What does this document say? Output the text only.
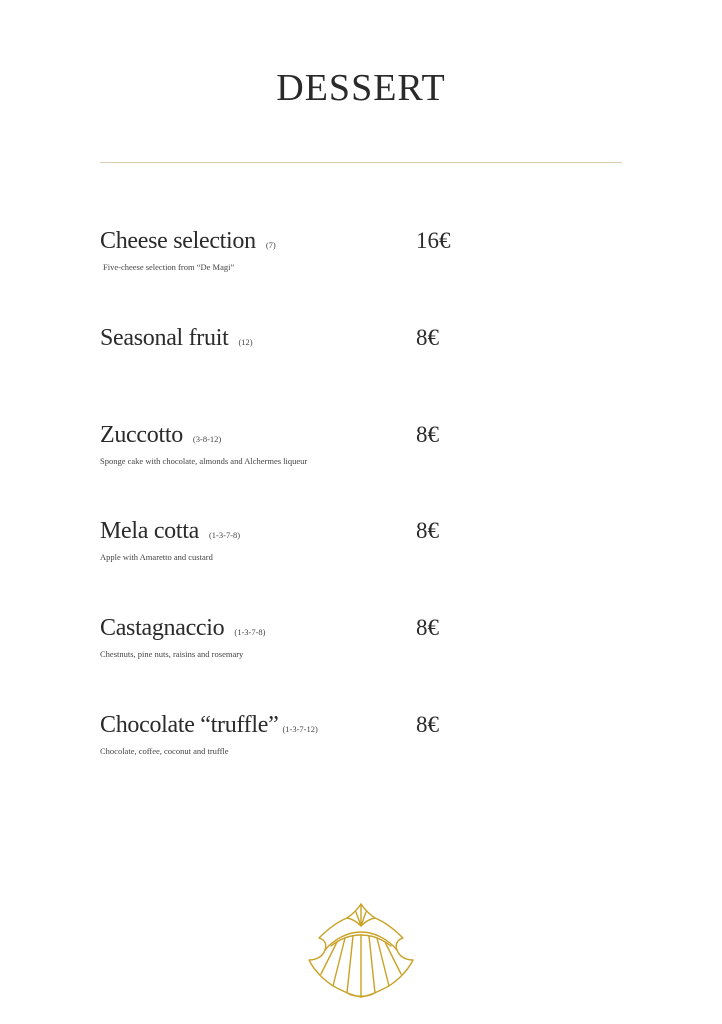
DESSERT
Cheese selection (7)	16€
Five-cheese selection from “De Magi”
Seasonal fruit (12)	8€
Zuccotto (3-8-12)	8€
Sponge cake with chocolate, almonds and Alchermes liqueur
Mela cotta (1-3-7-8)	8€
Apple with Amaretto and custard
Castagnaccio (1-3-7-8)	8€
Chestnuts, pine nuts, raisins and rosemary
Chocolate “truffle” (1-3-7-12)	8€
Chocolate, coffee, coconut and truffle
